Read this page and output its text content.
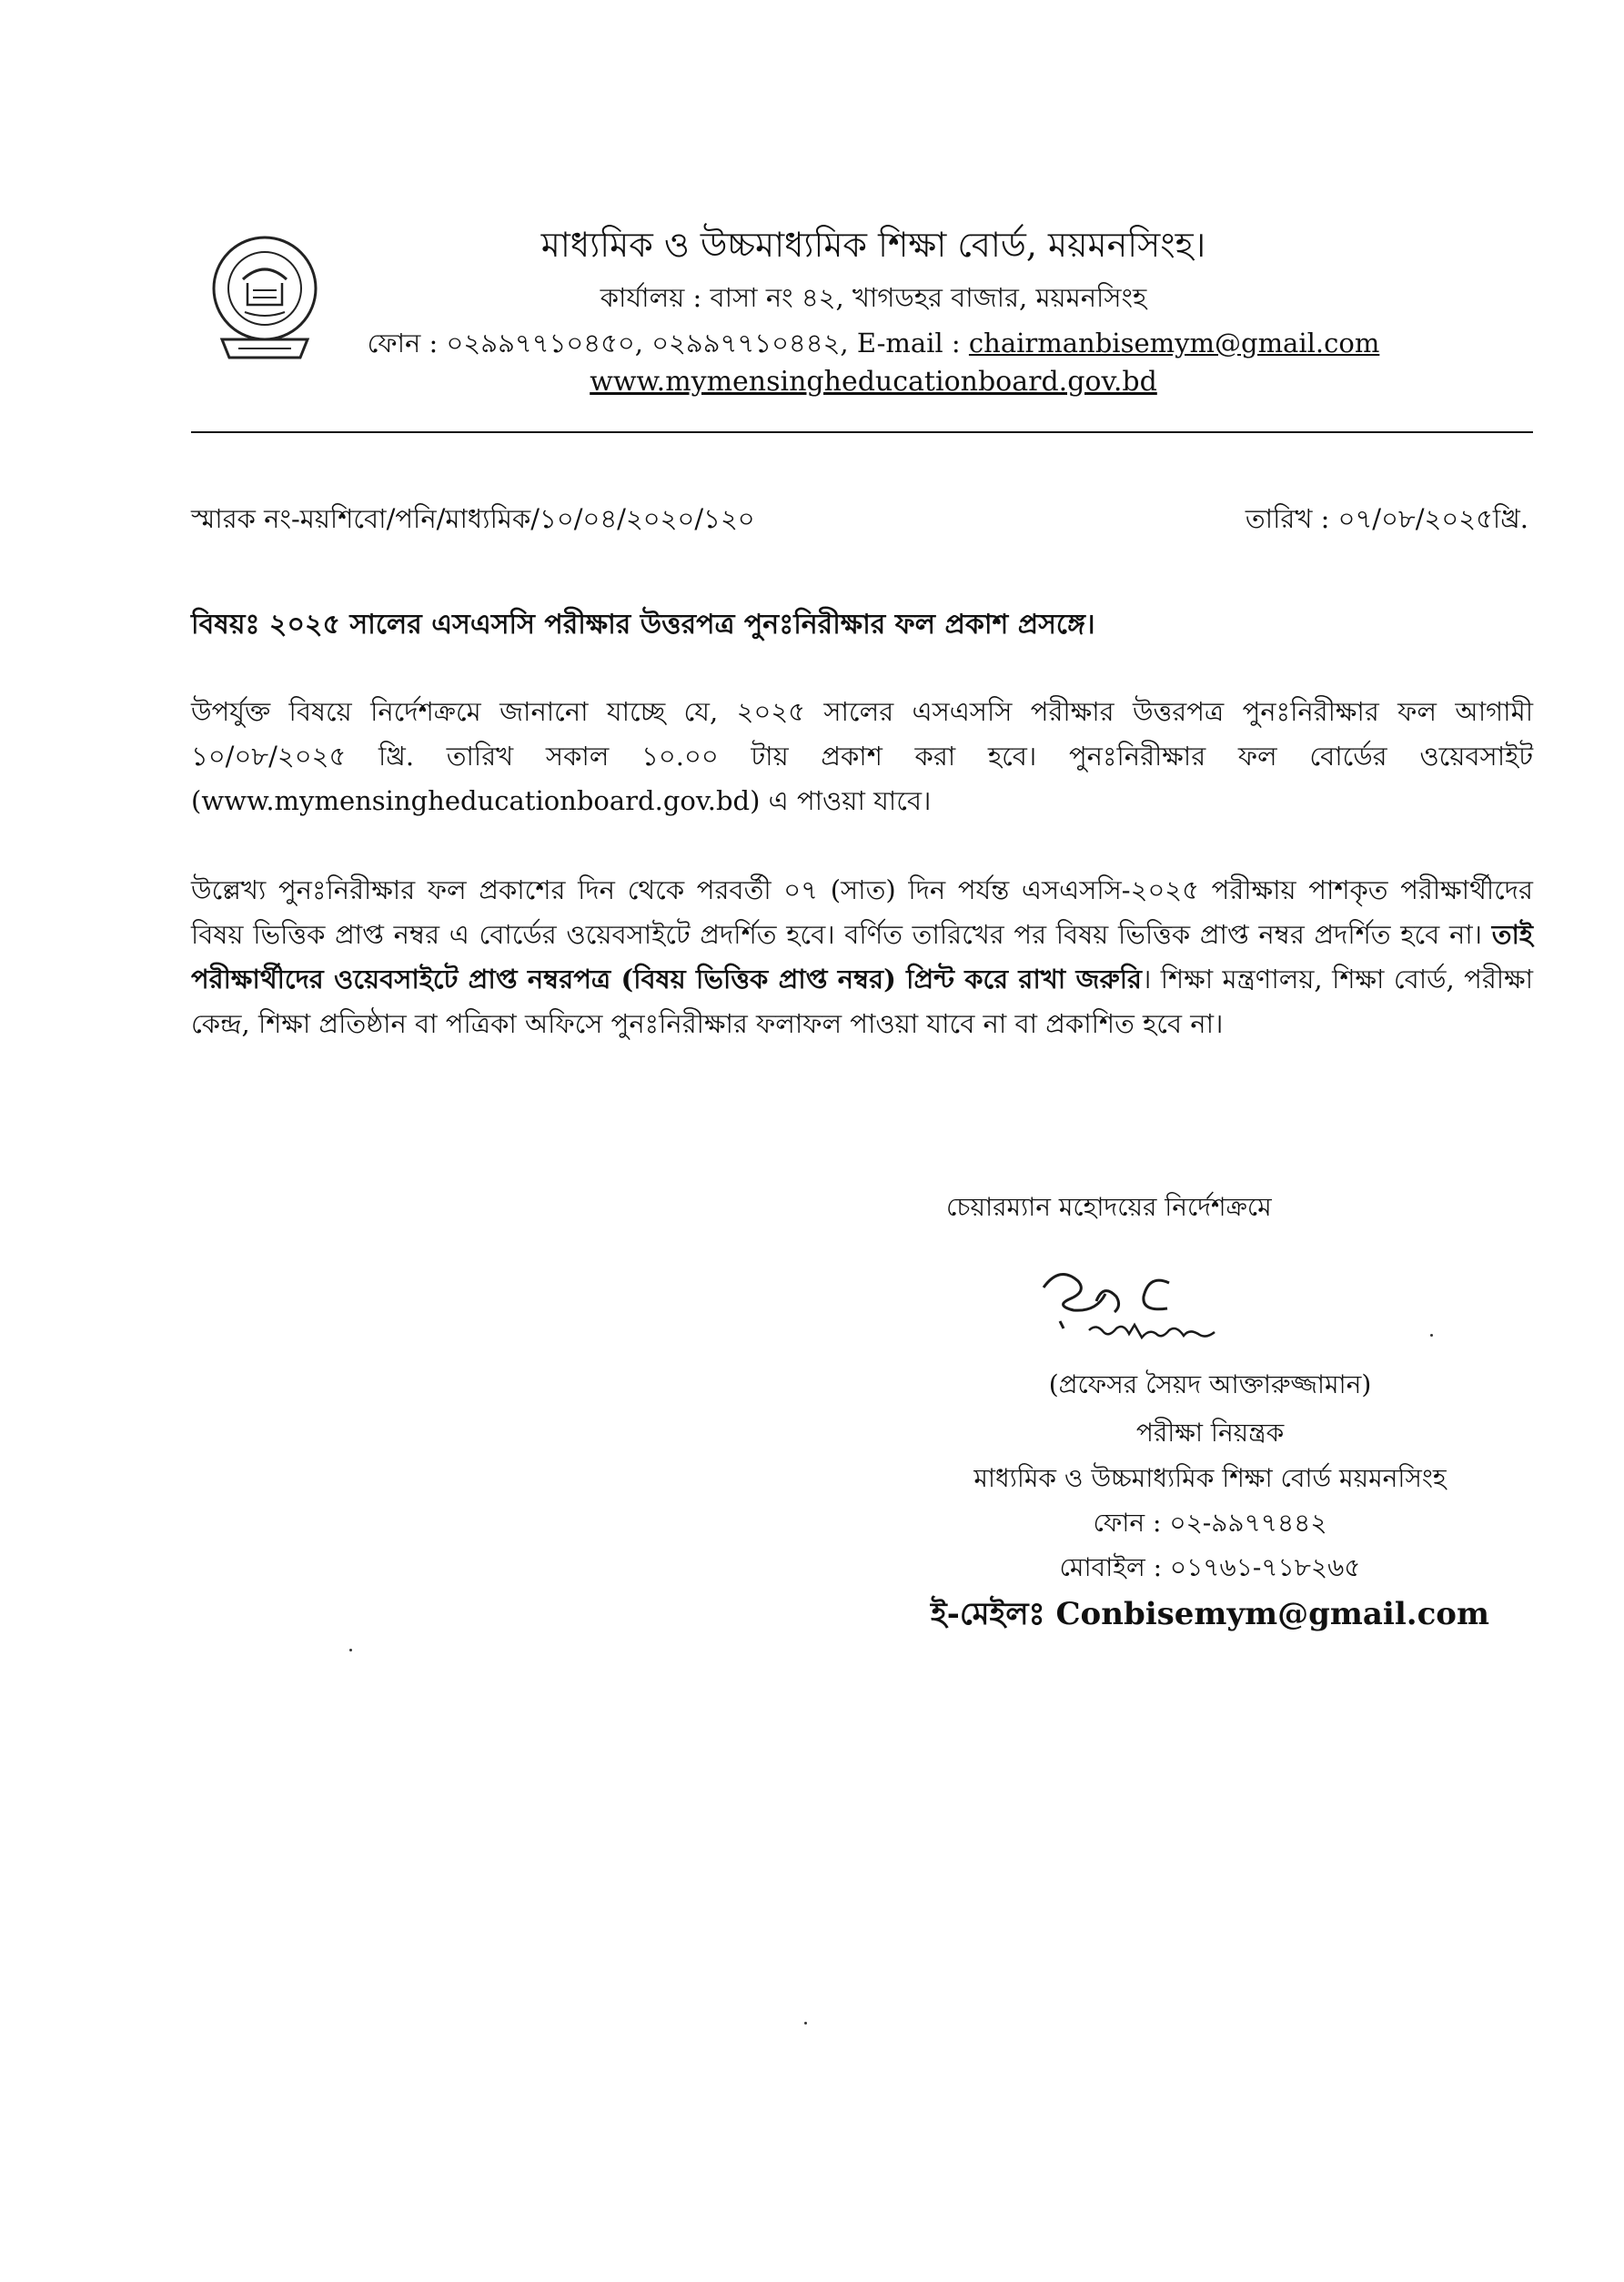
মাধ্যমিক ও উচ্চমাধ্যমিক শিক্ষা বোর্ড, ময়মনসিংহ।
কার্যালয় : বাসা নং ৪২, খাগডহর বাজার, ময়মনসিংহ
ফোন : ০২৯৯৭৭১০৪৫০, ০২৯৯৭৭১০৪৪২, E-mail : chairmanbisemym@gmail.com
www.mymensingheducationboard.gov.bd
স্মারক নং-ময়শিবো/পনি/মাধ্যমিক/১০/০৪/২০২০/১২০	তারিখ : ০৭/০৮/২০২৫খ্রি.
বিষয়ঃ ২০২৫ সালের এসএসসি পরীক্ষার উত্তরপত্র পুনঃনিরীক্ষার ফল প্রকাশ প্রসঙ্গে।
উপর্যুক্ত বিষয়ে নির্দেশক্রমে জানানো যাচ্ছে যে, ২০২৫ সালের এসএসসি পরীক্ষার উত্তরপত্র পুনঃনিরীক্ষার ফল আগামী ১০/০৮/২০২৫ খ্রি. তারিখ সকাল ১০.০০ টায় প্রকাশ করা হবে। পুনঃনিরীক্ষার ফল বোর্ডের ওয়েবসাইট (www.mymensingheducationboard.gov.bd) এ পাওয়া যাবে।
উল্লেখ্য পুনঃনিরীক্ষার ফল প্রকাশের দিন থেকে পরবর্তী ০৭ (সাত) দিন পর্যন্ত এসএসসি-২০২৫ পরীক্ষায় পাশকৃত পরীক্ষার্থীদের বিষয় ভিত্তিক প্রাপ্ত নম্বর এ বোর্ডের ওয়েবসাইটে প্রদর্শিত হবে। বর্ণিত তারিখের পর বিষয় ভিত্তিক প্রাপ্ত নম্বর প্রদর্শিত হবে না। তাই পরীক্ষার্থীদের ওয়েবসাইটে প্রাপ্ত নম্বরপত্র (বিষয় ভিত্তিক প্রাপ্ত নম্বর) প্রিন্ট করে রাখা জরুরি। শিক্ষা মন্ত্রণালয়, শিক্ষা বোর্ড, পরীক্ষা কেন্দ্র, শিক্ষা প্রতিষ্ঠান বা পত্রিকা অফিসে পুনঃনিরীক্ষার ফলাফল পাওয়া যাবে না বা প্রকাশিত হবে না।
চেয়ারম্যান মহোদয়ের নির্দেশক্রমে
(প্রফেসর সৈয়দ আক্তারুজ্জামান)
পরীক্ষা নিয়ন্ত্রক
মাধ্যমিক ও উচ্চমাধ্যমিক শিক্ষা বোর্ড ময়মনসিংহ
ফোন : ০২-৯৯৭৭৪৪২
মোবাইল : ০১৭৬১-৭১৮২৬৫
ই-মেইলঃ Conbisemym@gmail.com
